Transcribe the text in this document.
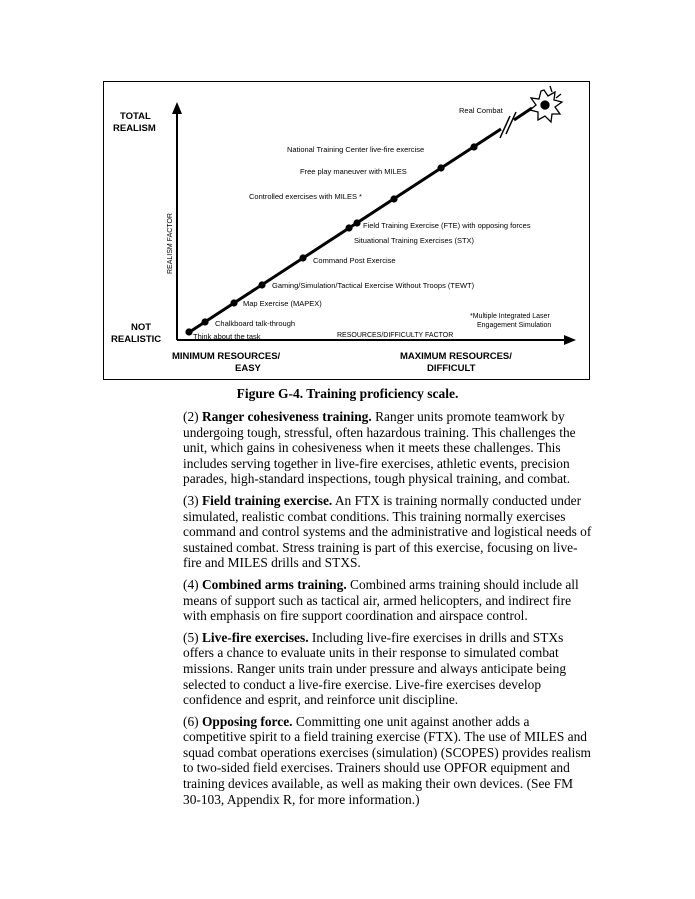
Think about the task
Chalkboard talk-through
Map Exercise (MAPEX)
Gaming/Simulation/Tactical Exercise Without Troops (TEWT)
Command Post Exercise
Situational Training Exercises (STX)
Field Training Exercise (FTE) with opposing forces
Controlled exercises with MILES *
Free play maneuver with MILES
National Training Center live-fire exercise
Real Combat
TOTAL
REALISM
NOT
REALISTIC
REALISM FACTOR
RESOURCES/DIFFICULTY FACTOR
MINIMUM RESOURCES/
EASY
MAXIMUM RESOURCES/
DIFFICULT
*Multiple Integrated Laser
Engagement Simulation
Figure G-4. Training proficiency scale.

(2) Ranger cohesiveness training. Ranger units promote teamwork by undergoing tough, stressful, often hazardous training. This challenges the unit, which gains in cohesiveness when it meets these challenges. This includes serving together in live-fire exercises, athletic events, precision parades, high-standard inspections, tough physical training, and combat.

(3) Field training exercise. An FTX is training normally conducted under simulated, realistic combat conditions. This training normally exercises command and control systems and the administrative and logistical needs of sustained combat. Stress training is part of this exercise, focusing on live-fire and MILES drills and STXS.

(4) Combined arms training. Combined arms training should include all means of support such as tactical air, armed helicopters, and indirect fire with emphasis on fire support coordination and airspace control.

(5) Live-fire exercises. Including live-fire exercises in drills and STXs offers a chance to evaluate units in their response to simulated combat missions. Ranger units train under pressure and always anticipate being selected to conduct a live-fire exercise. Live-fire exercises develop confidence and esprit, and reinforce unit discipline.

(6) Opposing force. Committing one unit against another adds a competitive spirit to a field training exercise (FTX). The use of MILES and squad combat operations exercises (simulation) (SCOPES) provides realism to two-sided field exercises. Trainers should use OPFOR equipment and training devices available, as well as making their own devices. (See FM 30-103, Appendix R, for more information.)
